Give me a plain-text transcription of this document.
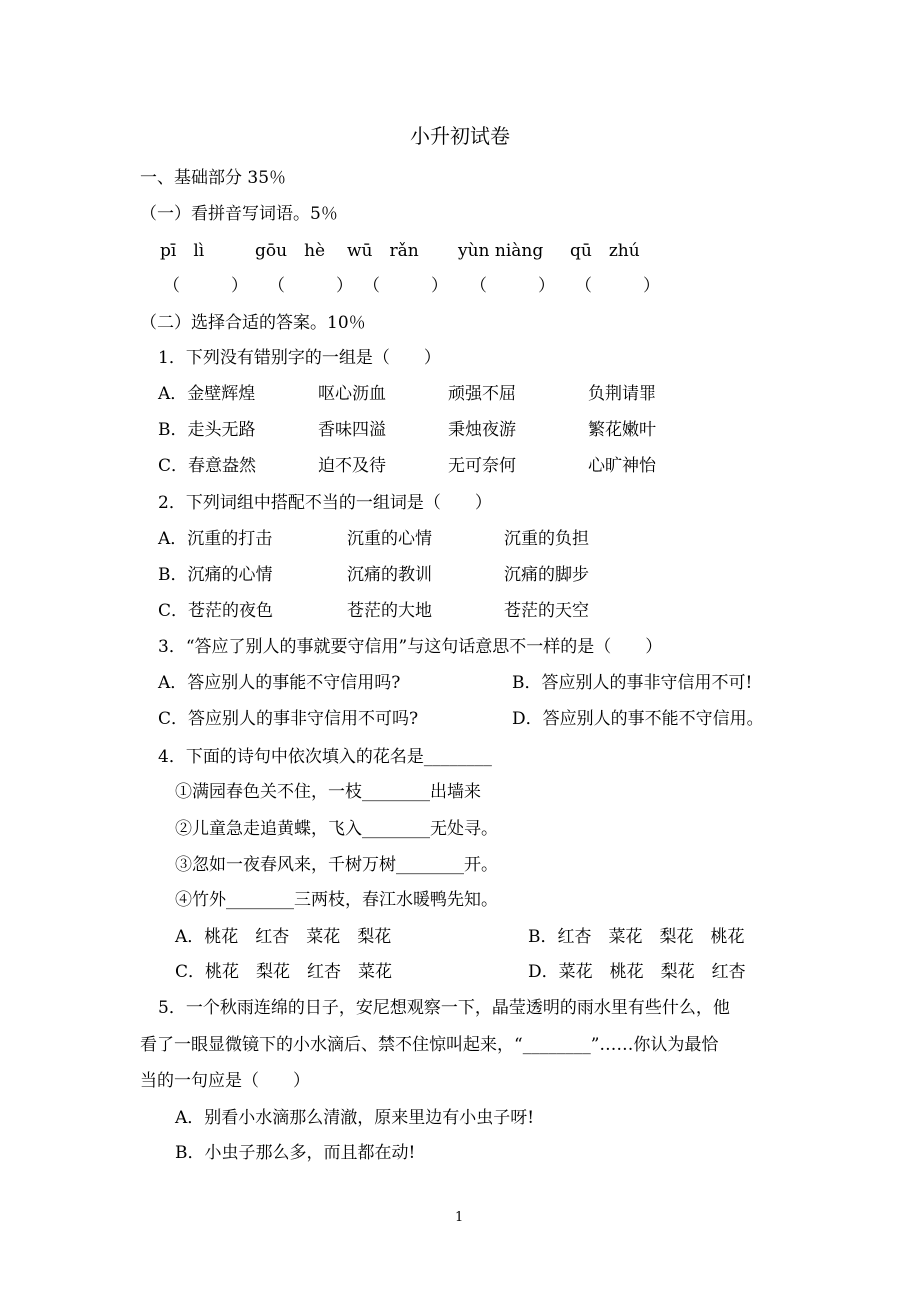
小升初试卷
一、基础部分 35％
（一）看拼音写词语。5％
pī　lì	gōu　hè wū　rǎn yùn niàng qū　zhú
（　　　） （　　　） （　　　） （　　　） （　　　）
（二）选择合适的答案。10％
1．下列没有错别字的一组是（　　）
A．金壁辉煌	呕心沥血	顽强不屈	负荆请罪
B．走头无路	香味四溢	秉烛夜游	繁花嫩叶
C．春意盎然	迫不及待	无可奈何	心旷神怡
2．下列词组中搭配不当的一组词是（　　）
A．沉重的打击	沉重的心情	沉重的负担
B．沉痛的心情	沉痛的教训	沉痛的脚步
C．苍茫的夜色	苍茫的大地	苍茫的天空
3．“答应了别人的事就要守信用”与这句话意思不一样的是（　　）
A．答应别人的事能不守信用吗?	B．答应别人的事非守信用不可!
C．答应别人的事非守信用不可吗?	D．答应别人的事不能不守信用。
4．下面的诗句中依次填入的花名是________
①满园春色关不住，一枝________出墙来
②儿童急走追黄蝶，飞入________无处寻。
③忽如一夜春风来，千树万树________开。
④竹外________三两枝，春江水暖鸭先知。
A．桃花　红杏　菜花　梨花	B．红杏　菜花　梨花　桃花
C．桃花　梨花　红杏　菜花	D．菜花　桃花　梨花　红杏
5．一个秋雨连绵的日子，安尼想观察一下，晶莹透明的雨水里有些什么，他
看了一眼显微镜下的小水滴后、禁不住惊叫起来，“________”……你认为最恰
当的一句应是（　　）
A．别看小水滴那么清澈，原来里边有小虫子呀!
B．小虫子那么多，而且都在动!
1
